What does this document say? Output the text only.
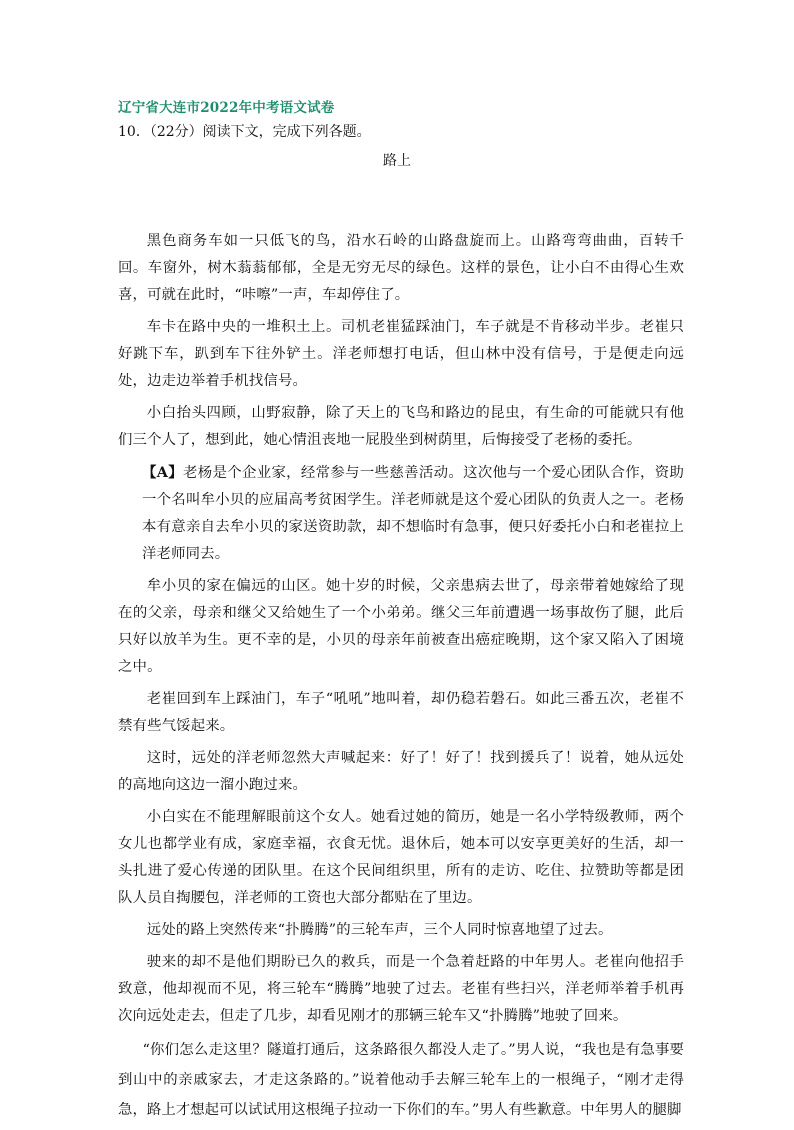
辽宁省大连市2022年中考语文试卷
10．（22分）阅读下文，完成下列各题。
路上

黑色商务车如一只低飞的鸟，沿水石岭的山路盘旋而上。山路弯弯曲曲，百转千回。车窗外，树木蓊蓊郁郁，全是无穷无尽的绿色。这样的景色，让小白不由得心生欢喜，可就在此时，“咔嚓”一声，车却停住了。

车卡在路中央的一堆积土上。司机老崔猛踩油门，车子就是不肯移动半步。老崔只好跳下车，趴到车下往外铲土。洋老师想打电话，但山林中没有信号，于是便走向远处，边走边举着手机找信号。

小白抬头四顾，山野寂静，除了天上的飞鸟和路边的昆虫，有生命的可能就只有他们三个人了，想到此，她心情沮丧地一屁股坐到树荫里，后悔接受了老杨的委托。

【A】老杨是个企业家，经常参与一些慈善活动。这次他与一个爱心团队合作，资助一个名叫牟小贝的应届高考贫困学生。洋老师就是这个爱心团队的负责人之一。老杨本有意亲自去牟小贝的家送资助款，却不想临时有急事，便只好委托小白和老崔拉上洋老师同去。

牟小贝的家在偏远的山区。她十岁的时候，父亲患病去世了，母亲带着她嫁给了现在的父亲，母亲和继父又给她生了一个小弟弟。继父三年前遭遇一场事故伤了腿，此后只好以放羊为生。更不幸的是，小贝的母亲年前被查出癌症晚期，这个家又陷入了困境之中。

老崔回到车上踩油门，车子“吼吼”地叫着，却仍稳若磐石。如此三番五次，老崔不禁有些气馁起来。

这时，远处的洋老师忽然大声喊起来：好了！好了！找到援兵了！说着，她从远处的高地向这边一溜小跑过来。

小白实在不能理解眼前这个女人。她看过她的简历，她是一名小学特级教师，两个女儿也都学业有成，家庭幸福，衣食无忧。退休后，她本可以安享更美好的生活，却一头扎进了爱心传递的团队里。在这个民间组织里，所有的走访、吃住、拉赞助等都是团队人员自掏腰包，洋老师的工资也大部分都贴在了里边。

远处的路上突然传来“扑腾腾”的三轮车声，三个人同时惊喜地望了过去。

驶来的却不是他们期盼已久的救兵，而是一个急着赶路的中年男人。老崔向他招手致意，他却视而不见，将三轮车“腾腾”地驶了过去。老崔有些扫兴，洋老师举着手机再次向远处走去，但走了几步，却看见刚才的那辆三轮车又“扑腾腾”地驶了回来。

“你们怎么走这里？隧道打通后，这条路很久都没人走了。”男人说，“我也是有急事要到山中的亲戚家去，才走这条路的。”说着他动手去解三轮车上的一根绳子，“刚才走得急，路上才想起可以试试用这根绳子拉动一下你们的车。”男人有些歉意。中年男人的腿脚
